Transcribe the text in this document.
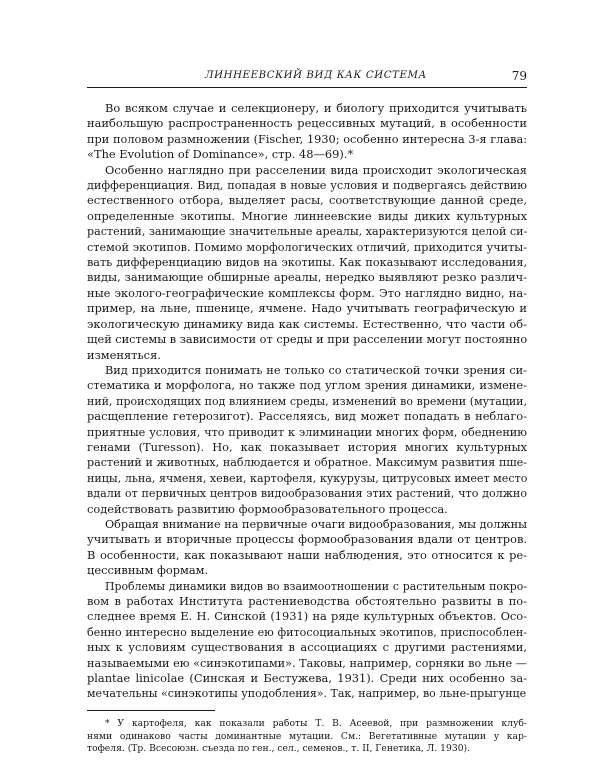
ЛИННЕЕВСКИЙ ВИД КАК СИСТЕМА	79
Во всяком случае и селекционеру, и биологу приходится учитывать
наибольшую распространенность рецессивных мутаций, в особенности
при половом размножении (Fischer, 1930; особенно интересна 3-я глава:
«The Evolution of Dominance», стр. 48—69).*
Особенно наглядно при расселении вида происходит экологическая
дифференциация. Вид, попадая в новые условия и подвергаясь действию
естественного отбора, выделяет расы, соответствующие данной среде,
определенные экотипы. Многие линнеевские виды диких культурных
растений, занимающие значительные ареалы, характеризуются целой си-
стемой экотипов. Помимо морфологических отличий, приходится учиты-
вать дифференциацию видов на экотипы. Как показывают исследования,
виды, занимающие обширные ареалы, нередко выявляют резко различ-
ные эколого-географические комплексы форм. Это наглядно видно, на-
пример, на льне, пшенице, ячмене. Надо учитывать географическую и
экологическую динамику вида как системы. Естественно, что части об-
щей системы в зависимости от среды и при расселении могут постоянно
изменяться.
Вид приходится понимать не только со статической точки зрения си-
стематика и морфолога, но также под углом зрения динамики, измене-
ний, происходящих под влиянием среды, изменений во времени (мутации,
расщепление гетерозигот). Расселяясь, вид может попадать в неблаго-
приятные условия, что приводит к элиминации многих форм, обеднению
генами (Turesson). Но, как показывает история многих культурных
растений и животных, наблюдается и обратное. Максимум развития пше-
ницы, льна, ячменя, хевеи, картофеля, кукурузы, цитрусовых имеет место
вдали от первичных центров видообразования этих растений, что должно
содействовать развитию формообразовательного процесса.
Обращая внимание на первичные очаги видообразования, мы должны
учитывать и вторичные процессы формообразования вдали от центров.
В особенности, как показывают наши наблюдения, это относится к ре-
цессивным формам.
Проблемы динамики видов во взаимоотношении с растительным покро-
вом в работах Института растениеводства обстоятельно развиты в по-
следнее время Е. Н. Синской (1931) на ряде культурных объектов. Осо-
бенно интересно выделение ею фитосоциальных экотипов, приспособлен-
ных к условиям существования в ассоциациях с другими растениями,
называемыми ею «синэкотипами». Таковы, например, сорняки во льне —
plantae linicolae (Синская и Бестужева, 1931). Среди них особенно за-
мечательны «синэкотипы уподобления». Так, например, во льне-прыгунце
* У картофеля, как показали работы Т. В. Асеевой, при размножении клуб-
нями одинаково часты доминантные мутации. См.: Вегетативные мутации у кар-
тофеля. (Тр. Всесоюзн. съезда по ген., сел., семенов., т. II, Генетика, Л. 1930).
